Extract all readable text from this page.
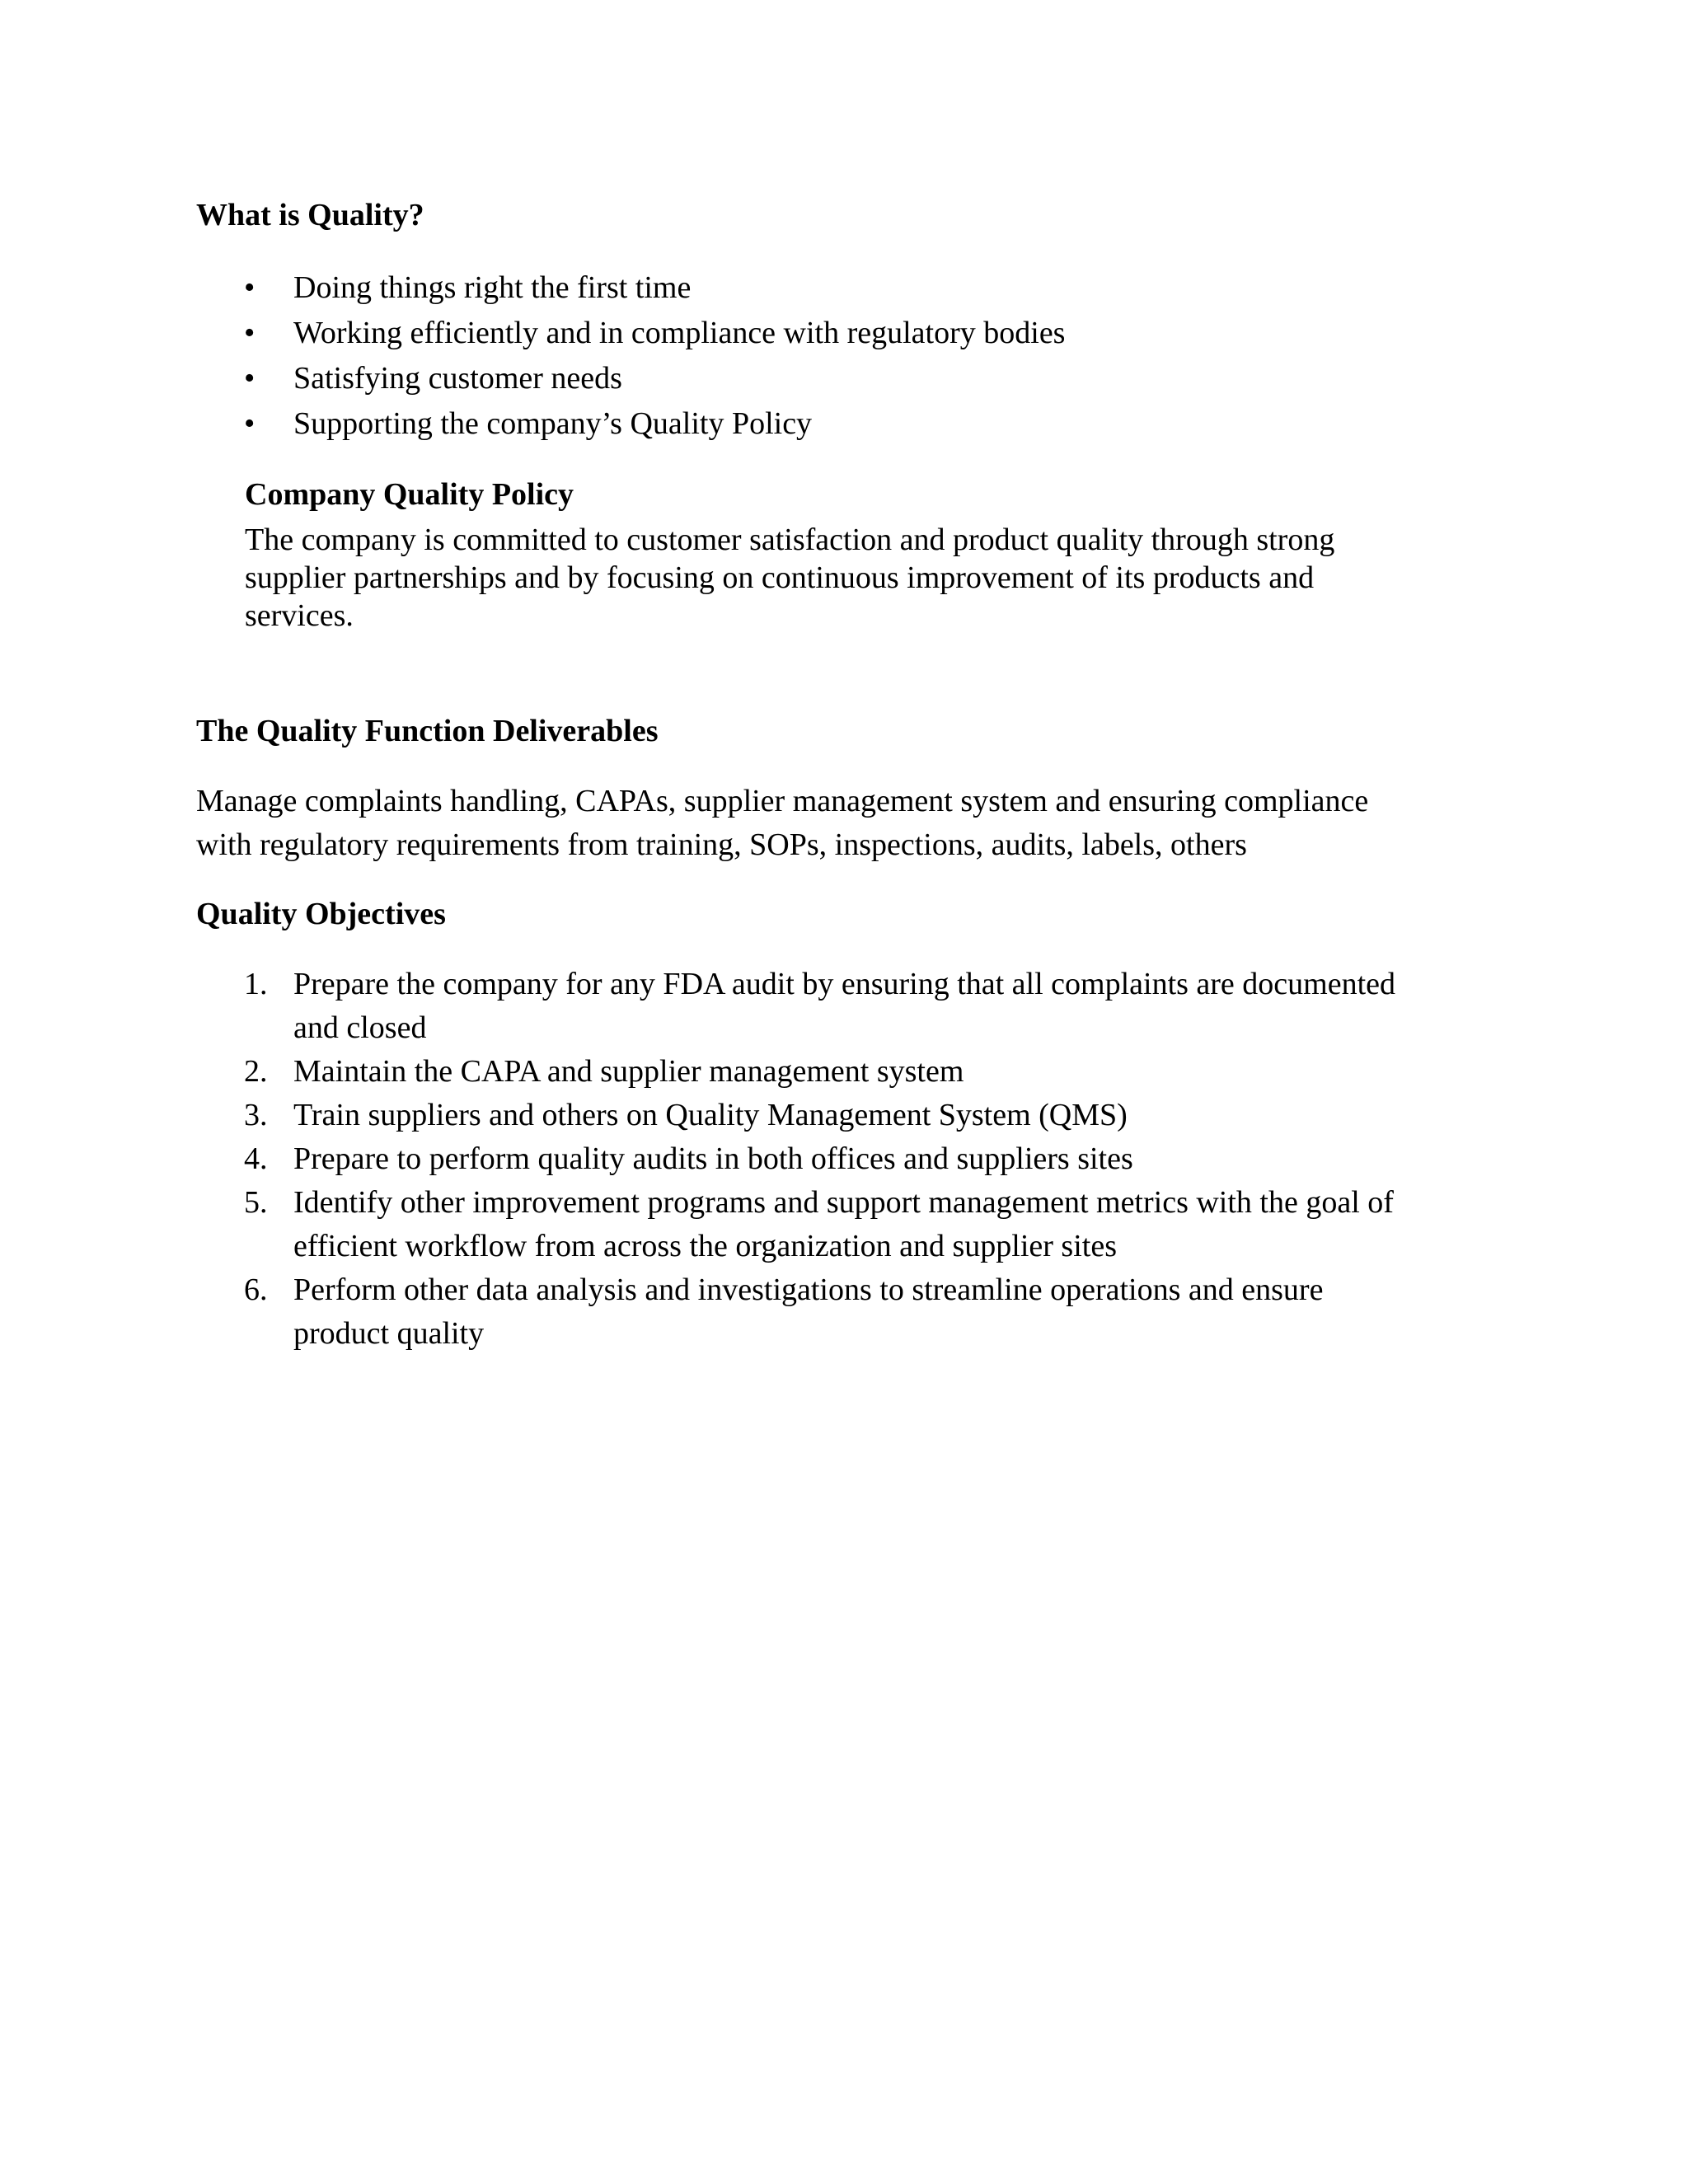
What is Quality?

• Doing things right the first time

• Working efficiently and in compliance with regulatory bodies

• Satisfying customer needs

• Supporting the company’s Quality Policy

Company Quality Policy

The company is committed to customer satisfaction and product quality through strong

supplier partnerships and by focusing on continuous improvement of its products and

services.

The Quality Function Deliverables

Manage complaints handling, CAPAs, supplier management system and ensuring compliance

with regulatory requirements from training, SOPs, inspections, audits, labels, others

Quality Objectives

1. Prepare the company for any FDA audit by ensuring that all complaints are documented

and closed

2. Maintain the CAPA and supplier management system

3. Train suppliers and others on Quality Management System (QMS)

4. Prepare to perform quality audits in both offices and suppliers sites

5. Identify other improvement programs and support management metrics with the goal of

efficient workflow from across the organization and supplier sites

6. Perform other data analysis and investigations to streamline operations and ensure

product quality
